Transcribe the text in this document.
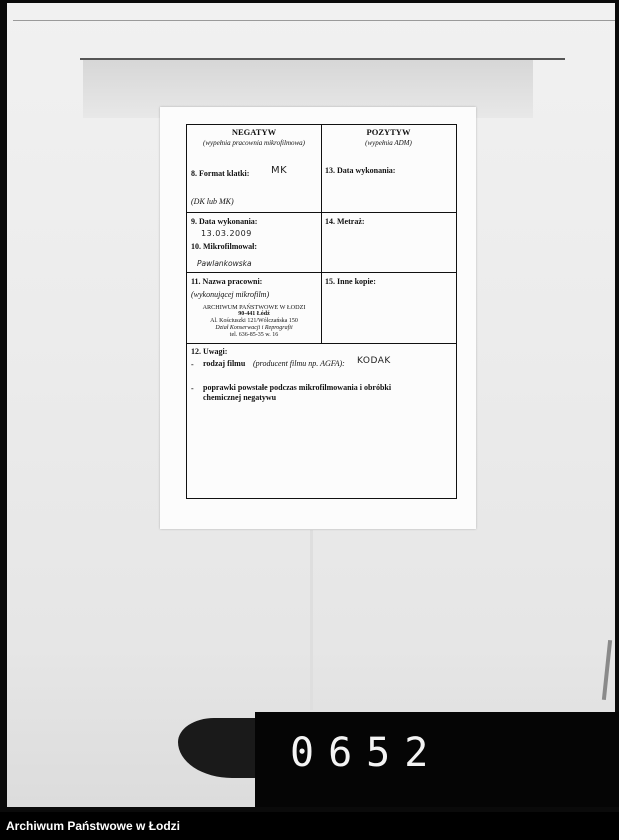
NEGATYW
(wypełnia pracownia mikrofilmowa)
POZYTYW
(wypełnia ADM)
8. Format klatki: MK
(DK lub MK)
13. Data wykonania:
9. Data wykonania:
13.03.2009
10. Mikrofilmował:
Pawlankowska
14. Metraż:
11. Nazwa pracowni:
(wykonującej mikrofilm)
ARCHIWUM PAŃSTWOWE W ŁODZI
90-441 Łódź
Al. Kościuszki 121/Wólczańska 150
Dział Konserwacji i Reprografii
tel. 636-85-35 w. 16
15. Inne kopie:
12. Uwagi:
- rodzaj filmu (producent filmu np. AGFA): KODAK
- poprawki powstałe podczas mikrofilmowania i obróbki
chemicznej negatywu
0652
Archiwum Państwowe w Łodzi
